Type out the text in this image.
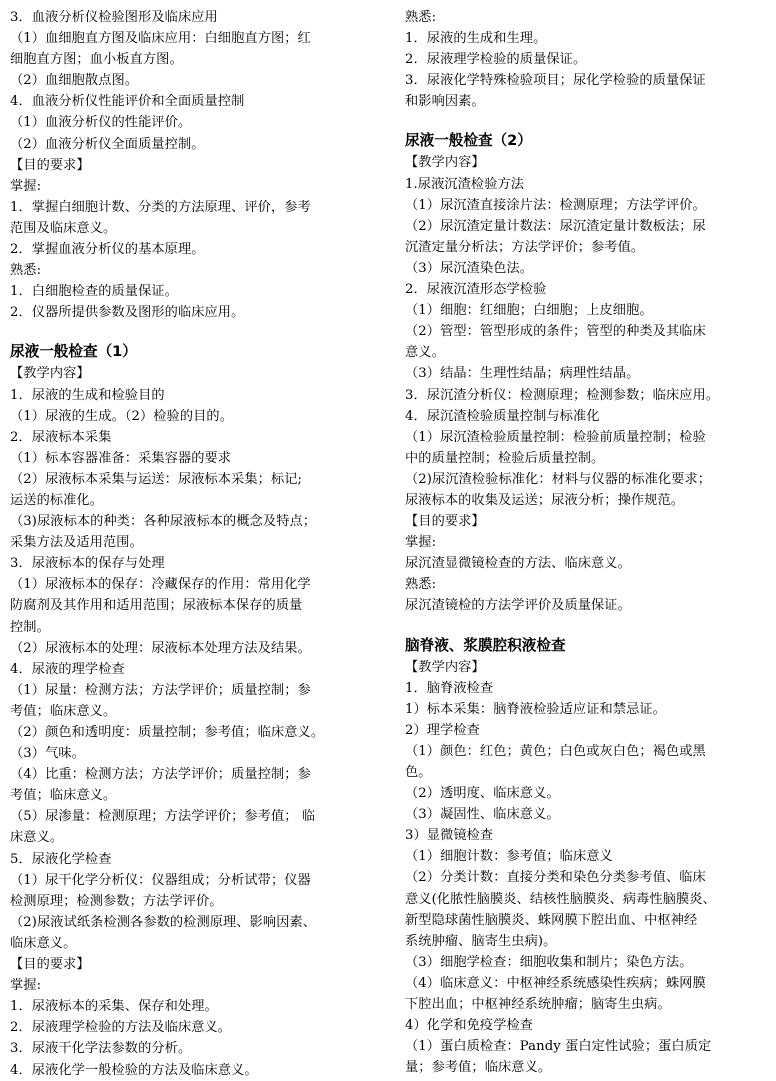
3．血液分析仪检验图形及临床应用
（1）血细胞直方图及临床应用：白细胞直方图；红
细胞直方图；血小板直方图。
（2）血细胞散点图。
4．血液分析仪性能评价和全面质量控制
（1）血液分析仪的性能评价。
（2）血液分析仪全面质量控制。
【目的要求】
掌握:
1．掌握白细胞计数、分类的方法原理、评价，参考
范围及临床意义。
2．掌握血液分析仪的基本原理。
熟悉:
1．白细胞检查的质量保证。
2．仪器所提供参数及图形的临床应用。
尿液一般检查（1）
【教学内容】
1．尿液的生成和检验目的
（1）尿液的生成。（2）检验的目的。
2．尿液标本采集
（1）标本容器准备：采集容器的要求
（2）尿液标本采集与运送：尿液标本采集；标记;
运送的标准化。
（3)尿液标本的种类：各种尿液标本的概念及特点；
采集方法及适用范围。
3．尿液标本的保存与处理
（1）尿液标本的保存：冷藏保存的作用：常用化学
防腐剂及其作用和适用范围；尿液标本保存的质量
控制。
（2）尿液标本的处理：尿液标本处理方法及结果。
4．尿液的理学检查
（1）尿量：检测方法；方法学评价；质量控制；参
考值；临床意义。
（2）颜色和透明度：质量控制；参考值；临床意义。
（3）气味。
（4）比重：检测方法；方法学评价；质量控制；参
考值；临床意义。
（5）尿渗量：检测原理；方法学评价；参考值； 临
床意义。
5．尿液化学检查
（1）尿干化学分析仪：仪器组成；分析试带；仪器
检测原理；检测参数；方法学评价。
（2)尿液试纸条检测各参数的检测原理、影响因素、
临床意义。
【目的要求】
掌握:
1．尿液标本的采集、保存和处理。
2．尿液理学检验的方法及临床意义。
3．尿液干化学法参数的分析。
4．尿液化学一般检验的方法及临床意义。
熟悉:
1．尿液的生成和生理。
2．尿液理学检验的质量保证。
3．尿液化学特殊检验项目；尿化学检验的质量保证
和影响因素。
尿液一般检查（2）
【教学内容】
1.尿液沉渣检验方法
（1）尿沉渣直接涂片法：检测原理；方法学评价。
（2）尿沉渣定量计数法：尿沉渣定量计数板法；尿
沉渣定量分析法；方法学评价；参考值。
（3）尿沉渣染色法。
2．尿液沉渣形态学检验
（1）细胞：红细胞；白细胞；上皮细胞。
（2）管型：管型形成的条件；管型的种类及其临床
意义。
（3）结晶：生理性结晶；病理性结晶。
3．尿沉渣分析仪：检测原理；检测参数；临床应用。
4．尿沉渣检验质量控制与标准化
（1）尿沉渣检验质量控制：检验前质量控制；检验
中的质量控制；检验后质量控制。
（2)尿沉渣检验标准化：材料与仪器的标准化要求；
尿液标本的收集及运送；尿液分析；操作规范。
【目的要求】
掌握:
尿沉渣显微镜检查的方法、临床意义。
熟悉:
尿沉渣镜检的方法学评价及质量保证。
脑脊液、浆膜腔积液检查
【教学内容】
1．脑脊液检查
1）标本采集：脑脊液检验适应证和禁忌证。
2）理学检查
（1）颜色：红色；黄色；白色或灰白色；褐色或黑
色。
（2）透明度、临床意义。
（3）凝固性、临床意义。
3）显微镜检查
（1）细胞计数：参考值；临床意义
（2）分类计数：直接分类和染色分类参考值、临床
意义(化脓性脑膜炎、结核性脑膜炎、病毒性脑膜炎、
新型隐球菌性脑膜炎、蛛网膜下腔出血、中枢神经
系统肿瘤、脑寄生虫病)。
（3）细胞学检查：细胞收集和制片；染色方法。
（4）临床意义：中枢神经系统感染性疾病；蛛网膜
下腔出血；中枢神经系统肿瘤；脑寄生虫病。
4）化学和免疫学检查
（1）蛋白质检查：Pandy 蛋白定性试验；蛋白质定
量；参考值；临床意义。
